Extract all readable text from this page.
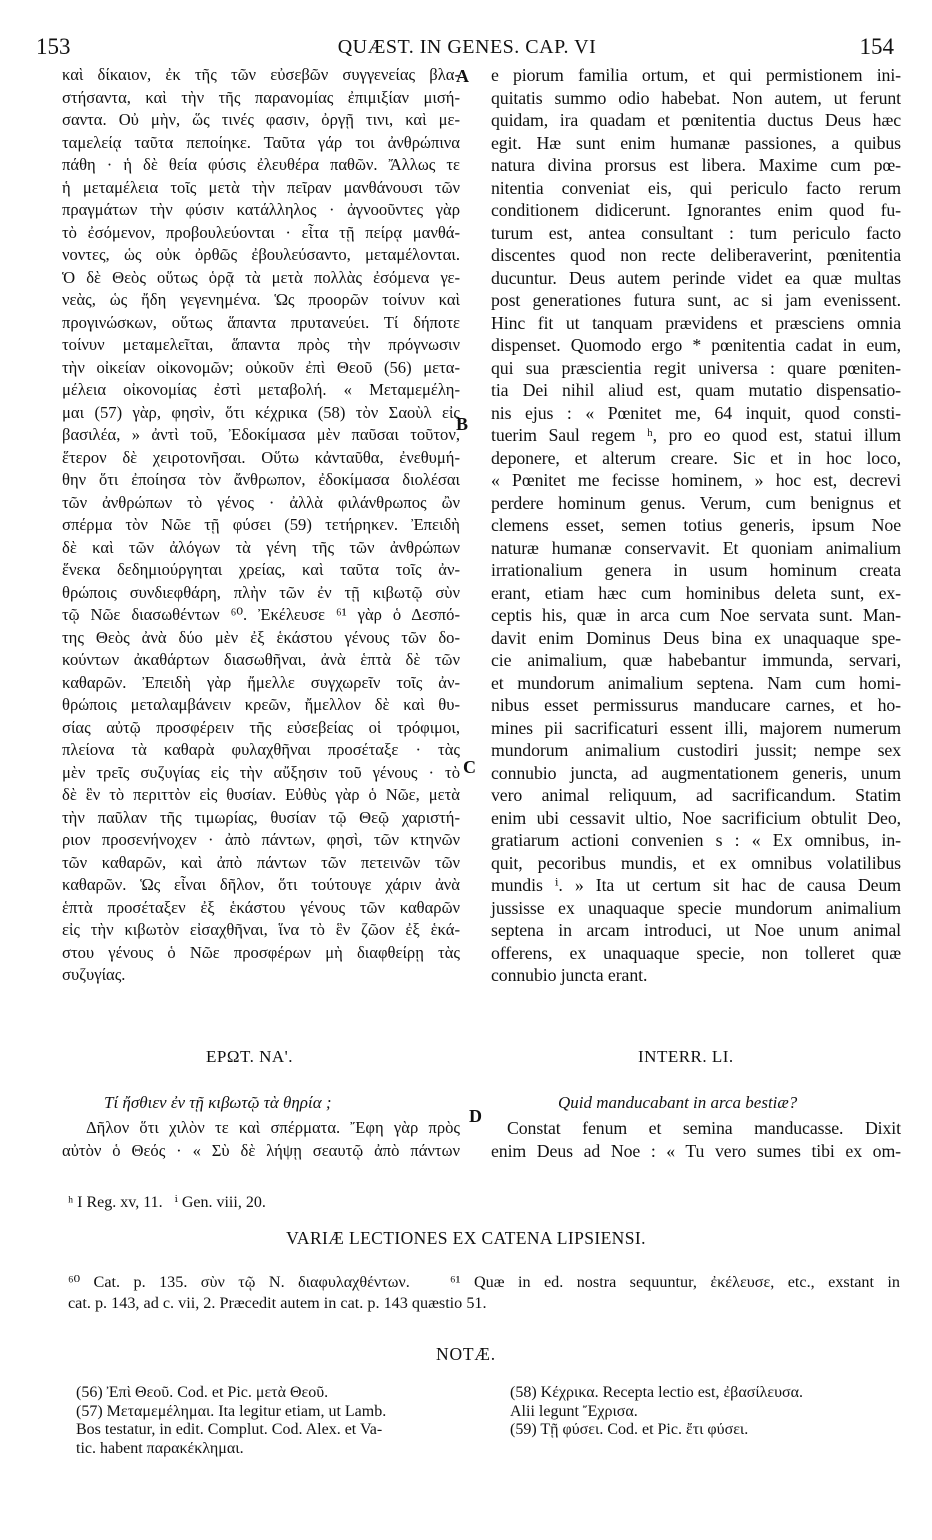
153	QUÆST. IN GENES. CAP. VI	154
καὶ δίκαιον, ἐκ τῆς τῶν εὐσεβῶν συγγενείας βλα-
στήσαντα, καὶ τὴν τῆς παρανομίας ἐπιμιξίαν μισή-
σαντα. Οὐ μὴν, ὥς τινές φασιν, ὀργῇ τινι, καὶ με-
ταμελείᾳ ταῦτα πεποίηκε. Ταῦτα γάρ τοι ἀνθρώπινα
πάθη · ἡ δὲ θεία φύσις ἐλευθέρα παθῶν. Ἄλλως τε
ἡ μεταμέλεια τοῖς μετὰ τὴν πεῖραν μανθάνουσι τῶν
πραγμάτων τὴν φύσιν κατάλληλος · ἀγνοοῦντες γὰρ
τὸ ἐσόμενον, προβουλεύονται · εἶτα τῇ πείρᾳ μανθά-
νοντες, ὡς οὐκ ὀρθῶς ἐβουλεύσαντο, μεταμέλονται.
Ὁ δὲ Θεὸς οὕτως ὁρᾷ τὰ μετὰ πολλὰς ἐσόμενα γε-
νεὰς, ὡς ἤδη γεγενημένα. Ὡς προορῶν τοίνυν καὶ
προγινώσκων, οὕτως ἅπαντα πρυτανεύει. Τί δήποτε
τοίνυν μεταμελεῖται, ἅπαντα πρὸς τὴν πρόγνωσιν
τὴν οἰκείαν οἰκονομῶν; οὐκοῦν ἐπὶ Θεοῦ (56) μετα-
μέλεια οἰκονομίας ἐστὶ μεταβολή. « Μεταμεμέλη-
μαι (57) γὰρ, φησὶν, ὅτι κέχρικα (58) τὸν Σαοὺλ εἰς
βασιλέα, » ἀντὶ τοῦ, Ἐδοκίμασα μὲν παῦσαι τοῦτον,
ἕτερον δὲ χειροτονῆσαι. Οὕτω κἀνταῦθα, ἐνεθυμή-
θην ὅτι ἐποίησα τὸν ἄνθρωπον, ἐδοκίμασα διολέσαι
τῶν ἀνθρώπων τὸ γένος · ἀλλὰ φιλάνθρωπος ὢν
σπέρμα τὸν Νῶε τῇ φύσει (59) τετήρηκεν. Ἐπειδὴ
δὲ καὶ τῶν ἀλόγων τὰ γένη τῆς τῶν ἀνθρώπων
ἕνεκα δεδημιούργηται χρείας, καὶ ταῦτα τοῖς ἀν-
θρώποις συνδιεφθάρη, πλὴν τῶν ἐν τῇ κιβωτῷ σὺν
τῷ Νῶε διασωθέντων ⁶⁰. Ἐκέλευσε ⁶¹ γὰρ ὁ Δεσπό-
της Θεὸς ἀνὰ δύο μὲν ἐξ ἑκάστου γένους τῶν δο-
κούντων ἀκαθάρτων διασωθῆναι, ἀνὰ ἑπτὰ δὲ τῶν
καθαρῶν. Ἐπειδὴ γὰρ ἤμελλε συγχωρεῖν τοῖς ἀν-
θρώποις μεταλαμβάνειν κρεῶν, ἤμελλον δὲ καὶ θυ-
σίας αὐτῷ προσφέρειν τῆς εὐσεβείας οἱ τρόφιμοι,
πλείονα τὰ καθαρὰ φυλαχθῆναι προσέταξε · τὰς
μὲν τρεῖς συζυγίας εἰς τὴν αὔξησιν τοῦ γένους · τὸ
δὲ ἓν τὸ περιττὸν εἰς θυσίαν. Εὐθὺς γὰρ ὁ Νῶε, μετὰ
τὴν παῦλαν τῆς τιμωρίας, θυσίαν τῷ Θεῷ χαριστή-
ριον προσενήνοχεν · ἀπὸ πάντων, φησὶ, τῶν κτηνῶν
τῶν καθαρῶν, καὶ ἀπὸ πάντων τῶν πετεινῶν τῶν
καθαρῶν. Ὡς εἶναι δῆλον, ὅτι τούτουγε χάριν ἀνὰ
ἑπτὰ προσέταξεν ἐξ ἑκάστου γένους τῶν καθαρῶν
εἰς τὴν κιβωτὸν εἰσαχθῆναι, ἵνα τὸ ἓν ζῶον ἐξ ἑκά-
στου γένους ὁ Νῶε προσφέρων μὴ διαφθείρῃ τὰς
συζυγίας.
e piorum familia ortum, et qui permistionem ini-
quitatis summo odio habebat. Non autem, ut ferunt
quidam, ira quadam et pœnitentia ductus Deus hæc
egit. Hæ sunt enim humanæ passiones, a quibus
natura divina prorsus est libera. Maxime cum pœ-
nitentia conveniat eis, qui periculo facto rerum
conditionem didicerunt. Ignorantes enim quod fu-
turum est, antea consultant : tum periculo facto
discentes quod non recte deliberaverint, pœnitentia
ducuntur. Deus autem perinde videt ea quæ multas
post generationes futura sunt, ac si jam evenissent.
Hinc fit ut tanquam prævidens et præsciens omnia
dispenset. Quomodo ergo * pœnitentia cadat in eum,
qui sua præscientia regit universa : quare pœniten-
tia Dei nihil aliud est, quam mutatio dispensatio-
nis ejus : « Pœnitet me, 64 inquit, quod consti-
tuerim Saul regem ʰ, pro eo quod est, statui illum
deponere, et alterum creare. Sic et in hoc loco,
« Pœnitet me fecisse hominem, » hoc est, decrevi
perdere hominum genus. Verum, cum benignus et
clemens esset, semen totius generis, ipsum Noe
naturæ humanæ conservavit. Et quoniam animalium
irrationalium genera in usum hominum creata
erant, etiam hæc cum hominibus deleta sunt, ex-
ceptis his, quæ in arca cum Noe servata sunt. Man-
davit enim Dominus Deus bina ex unaquaque spe-
cie animalium, quæ habebantur immunda, servari,
et mundorum animalium septena. Nam cum homi-
nibus esset permissurus manducare carnes, et ho-
mines pii sacrificaturi essent illi, majorem numerum
mundorum animalium custodiri jussit; nempe sex
connubio juncta, ad augmentationem generis, unum
vero animal reliquum, ad sacrificandum. Statim
enim ubi cessavit ultio, Noe sacrificium obtulit Deo,
gratiarum actioni convenien s : « Ex omnibus, in-
quit, pecoribus mundis, et ex omnibus volatilibus
mundis ⁱ. » Ita ut certum sit hac de causa Deum
jussisse ex unaquaque specie mundorum animalium
septena in arcam introduci, ut Noe unum animal
offerens, ex unaquaque specie, non tolleret quæ
connubio juncta erant.
A
B
C
D
ΕΡΩΤ. ΝΑ'.	INTERR. LI.
Τί ἤσθιεν ἐν τῇ κιβωτῷ τὰ θηρία ;	Quid manducabant in arca bestiæ?
Δῆλον ὅτι χιλὸν τε καὶ σπέρματα. Ἔφη γὰρ πρὸς
αὐτὸν ὁ Θεός · « Σὺ δὲ λήψῃ σεαυτῷ ἀπὸ πάντων
Constat fenum et semina manducasse. Dixit
enim Deus ad Noe : « Tu vero sumes tibi ex om-
ʰ I Reg. xv, 11.   ⁱ Gen. viii, 20.
VARIÆ LECTIONES EX CATENA LIPSIENSI.
⁶⁰ Cat. p. 135. σὺν τῷ Ν. διαφυλαχθέντων.   ⁶¹ Quæ in ed. nostra sequuntur, ἐκέλευσε, etc., exstant in
cat. p. 143, ad c. vii, 2. Præcedit autem in cat. p. 143 quæstio 51.
NOTÆ.
(56) Ἐπὶ Θεοῦ. Cod. et Pic. μετὰ Θεοῦ.
(57) Μεταμεμέλημαι. Ita legitur etiam, ut Lamb.
Bos testatur, in edit. Complut. Cod. Alex. et Va-
tic. habent παρακέκλημαι.
(58) Κέχρικα. Recepta lectio est, ἐβασίλευσα.
Alii legunt Ἔχρισα.
(59) Τῇ φύσει. Cod. et Pic. ἔτι φύσει.
